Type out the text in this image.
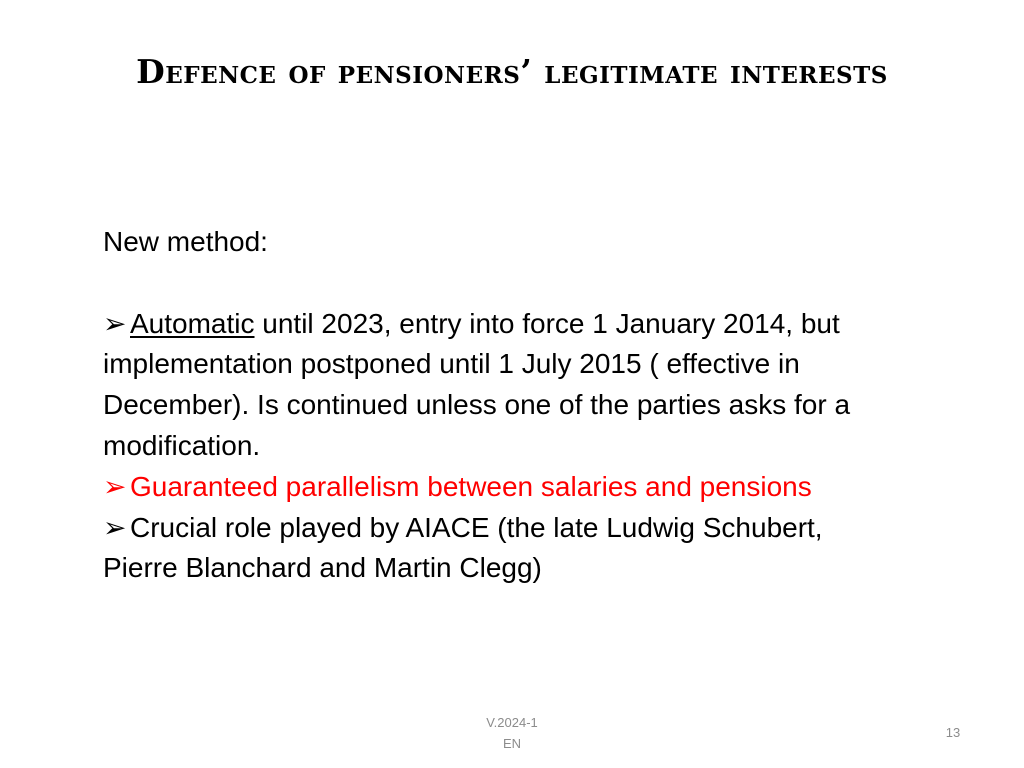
Defence of pensioners’ legitimate interests

New method:

➢ Automatic until 2023, entry into force 1 January 2014, but implementation postponed until 1 July 2015 ( effective in December). Is continued unless one of the parties asks for a modification.

➢ Guaranteed parallelism between salaries and pensions

➢ Crucial role played by AIACE (the late Ludwig Schubert, Pierre Blanchard and Martin Clegg)

V.2024-1
EN
13
